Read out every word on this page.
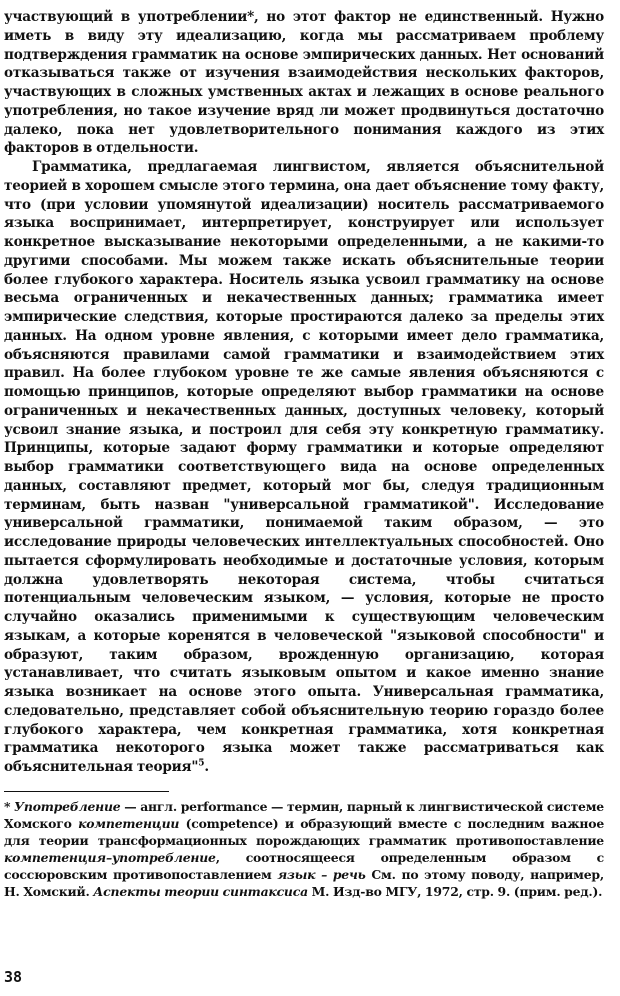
участвующий в употреблении*, но этот фактор не единственный. Нужно иметь в виду эту идеализацию, когда мы рассматриваем проблему подтверждения грамматик на основе эмпирических данных. Нет оснований отказываться также от изучения взаимодействия нескольких факторов, участвующих в сложных умственных актах и лежащих в основе реального употребления, но такое изучение вряд ли может продвинуться достаточно далеко, пока нет удовлетворительного понимания каждого из этих факторов в отдельности.

Грамматика, предлагаемая лингвистом, является объяснительной теорией в хорошем смысле этого термина, она дает объяснение тому факту, что (при условии упомянутой идеализации) носитель рассматриваемого языка воспринимает, интерпретирует, конструирует или использует конкретное высказывание некоторыми определенными, а не какими-то другими способами. Мы можем также искать объяснительные теории более глубокого характера. Носитель языка усвоил грамматику на основе весьма ограниченных и некачественных данных; грамматика имеет эмпирические следствия, которые простираются далеко за пределы этих данных. На одном уровне явления, с которыми имеет дело грамматика, объясняются правилами самой грамматики и взаимодействием этих правил. На более глубоком уровне те же самые явления объясняются с помощью принципов, которые определяют выбор грамматики на основе ограниченных и некачественных данных, доступных человеку, который усвоил знание языка, и построил для себя эту конкретную грамматику. Принципы, которые задают форму грамматики и которые определяют выбор грамматики соответствующего вида на основе определенных данных, составляют предмет, который мог бы, следуя традиционным терминам, быть назван "универсальной грамматикой". Исследование универсальной грамматики, понимаемой таким образом, — это исследование природы человеческих интеллектуальных способностей. Оно пытается сформулировать необходимые и достаточные условия, которым должна удовлетворять некоторая система, чтобы считаться потенциальным человеческим языком, — условия, которые не просто случайно оказались применимыми к существующим человеческим языкам, а которые коренятся в человеческой "языковой способности" и образуют, таким образом, врожденную организацию, которая устанавливает, что считать языковым опытом и какое именно знание языка возникает на основе этого опыта. Универсальная грамматика, следовательно, представляет собой объяснительную теорию гораздо более глубокого характера, чем конкретная грамматика, хотя конкретная грамматика некоторого языка может также рассматриваться как объяснительная теория"$^5$.

* Употребление — англ. performance — термин, парный к лингвистической системе Хомского компетенции (competence) и образующий вместе с последним важное для теории трансформационных порождающих грамматик противопоставление компетенция–употребление, соотносящееся определенным образом с соссюровским противопоставлением язык – речь См. по этому поводу, например, Н. Хомский. Аспекты теории синтаксиса М. Изд-во МГУ, 1972, стр. 9. (прим. ред.).

38
